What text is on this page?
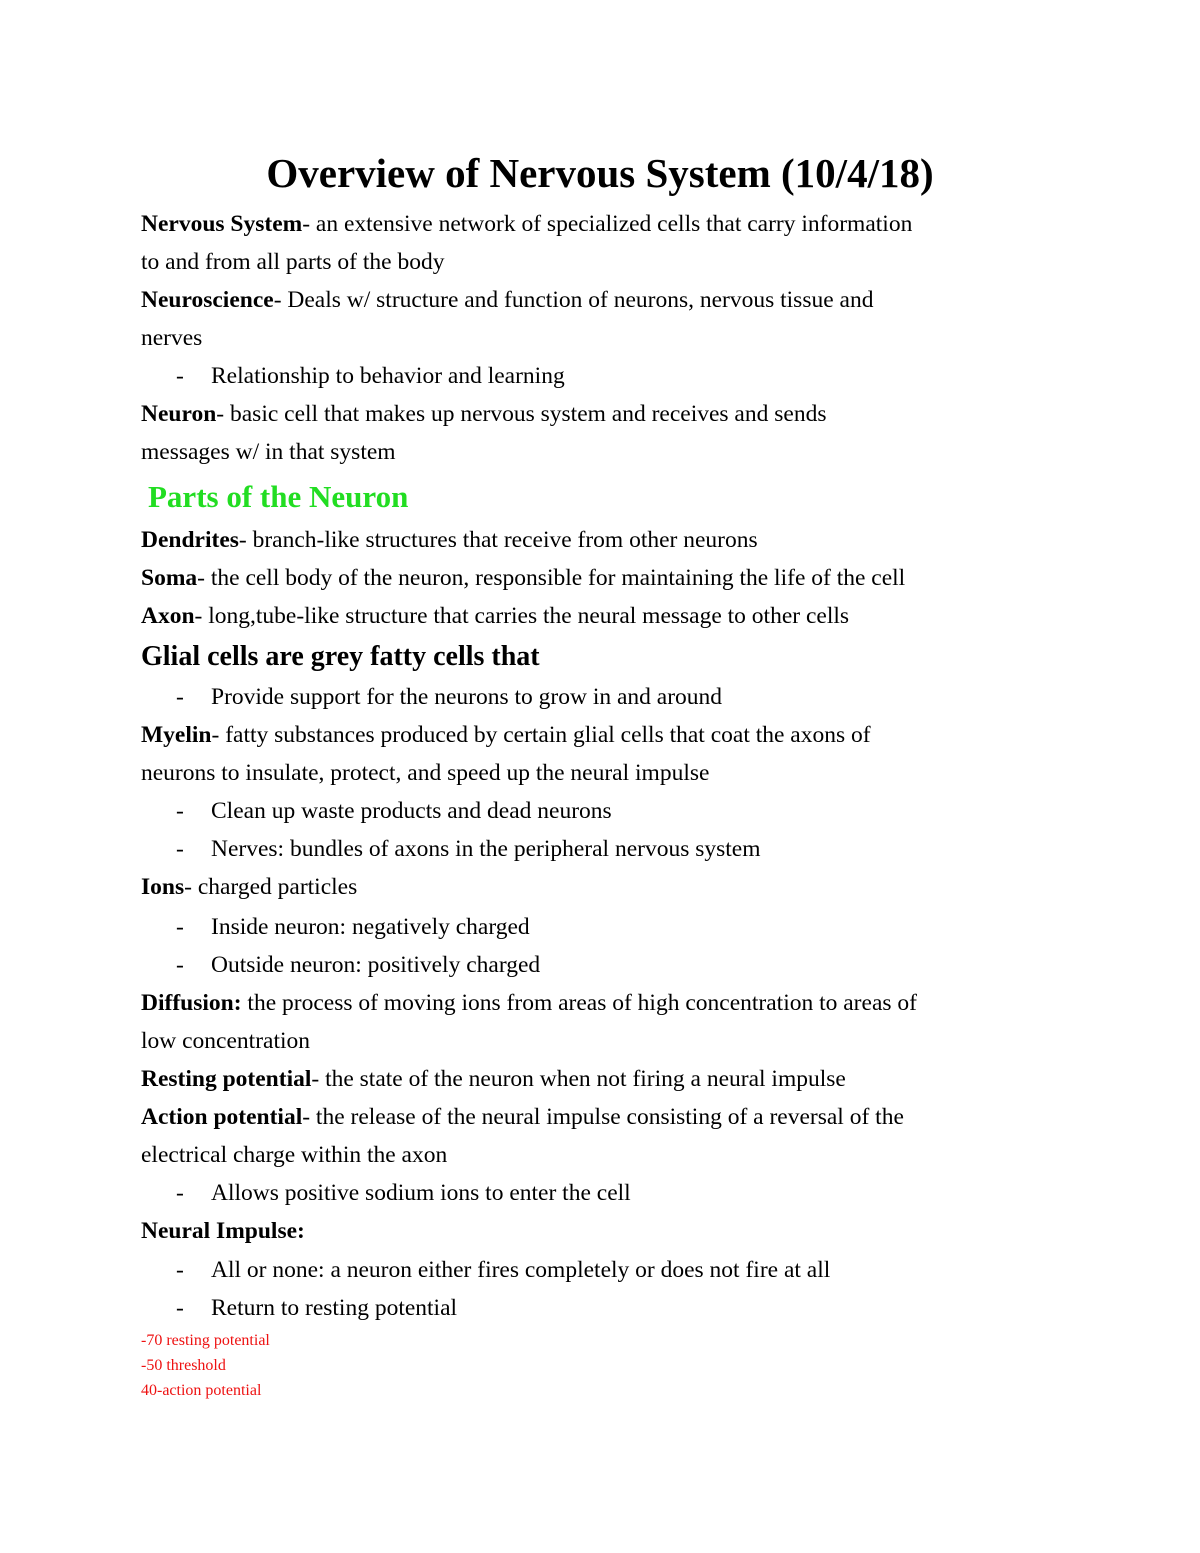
Overview of Nervous System (10/4/18)
Nervous System- an extensive network of specialized cells that carry information
to and from all parts of the body
Neuroscience- Deals w/ structure and function of neurons, nervous tissue and
nerves
- Relationship to behavior and learning
Neuron- basic cell that makes up nervous system and receives and sends
messages w/ in that system
Parts of the Neuron
Dendrites- branch-like structures that receive from other neurons
Soma- the cell body of the neuron, responsible for maintaining the life of the cell
Axon- long,tube-like structure that carries the neural message to other cells
Glial cells are grey fatty cells that
- Provide support for the neurons to grow in and around
Myelin- fatty substances produced by certain glial cells that coat the axons of
neurons to insulate, protect, and speed up the neural impulse
- Clean up waste products and dead neurons
- Nerves: bundles of axons in the peripheral nervous system
Ions- charged particles
- Inside neuron: negatively charged
- Outside neuron: positively charged
Diffusion: the process of moving ions from areas of high concentration to areas of
low concentration
Resting potential- the state of the neuron when not firing a neural impulse
Action potential- the release of the neural impulse consisting of a reversal of the
electrical charge within the axon
- Allows positive sodium ions to enter the cell
Neural Impulse:
- All or none: a neuron either fires completely or does not fire at all
- Return to resting potential
-70 resting potential
-50 threshold
40-action potential
